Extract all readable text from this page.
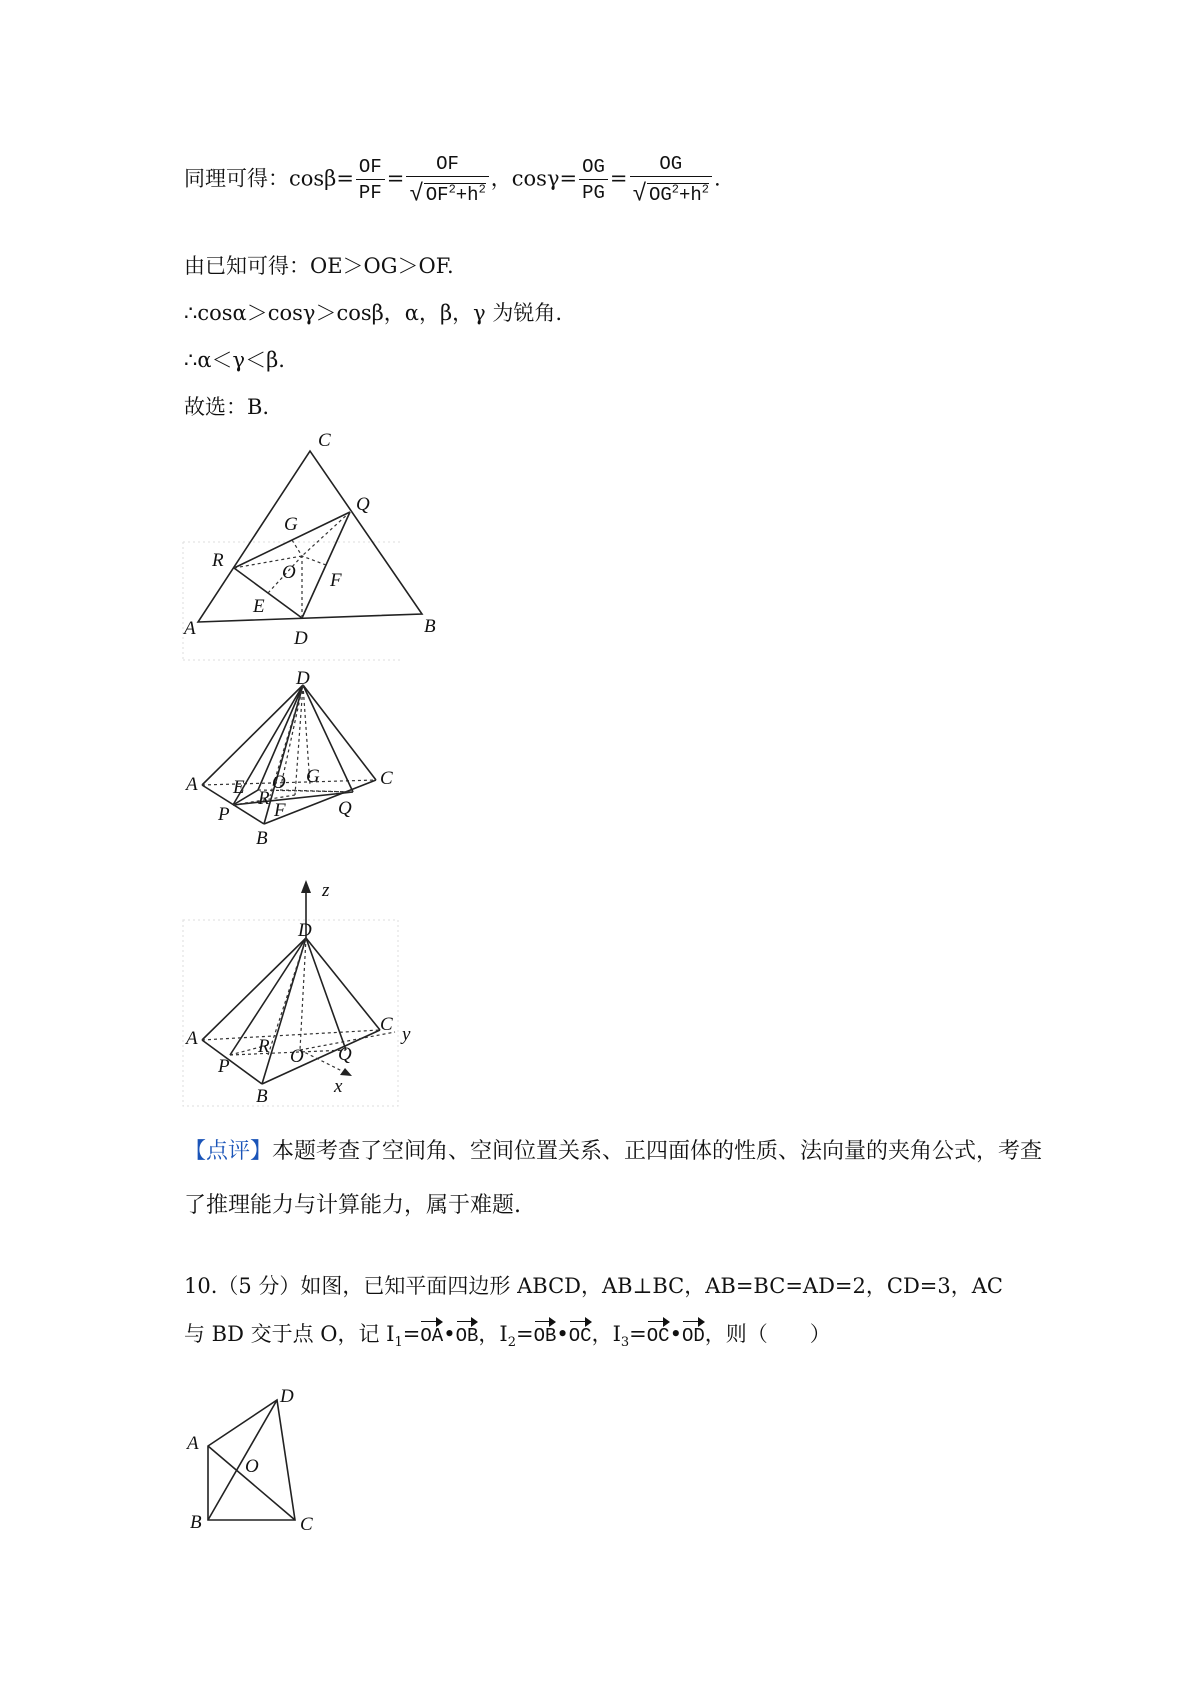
同理可得：$\cos\beta= \frac{OF}{PF} = \frac{OF}{√ OF^2+h^2}$ ，$\cos\gamma= \frac{OG}{PG} = \frac{OG}{√ OG^2+h^2}$ .
由已知可得：OE＞OG＞OF.
∴cosα＞cosγ＞cosβ，α，β，γ 为锐角.
∴α＜γ＜β.
故选：B.
C
Q
G
R
O F
E
A	D
B
D
A E
R
O G	C
P F	Q
B
z
D
A	R O Q
C y
P
B	x
【点评】本题考查了空间角、空间位置关系、正四面体的性质、法向量的夹角公式，考查了推理能力与计算能力，属于难题.
10.（5 分）如图，已知平面四边形 ABCD，AB⊥BC，AB=BC=AD=2，CD=3，AC
与 BD 交于点 O，记 $I_1=OA•OB$，$I_2=OB•OC$，$I_3=OC•OD$，则（　　）
D
A
O
B	C
